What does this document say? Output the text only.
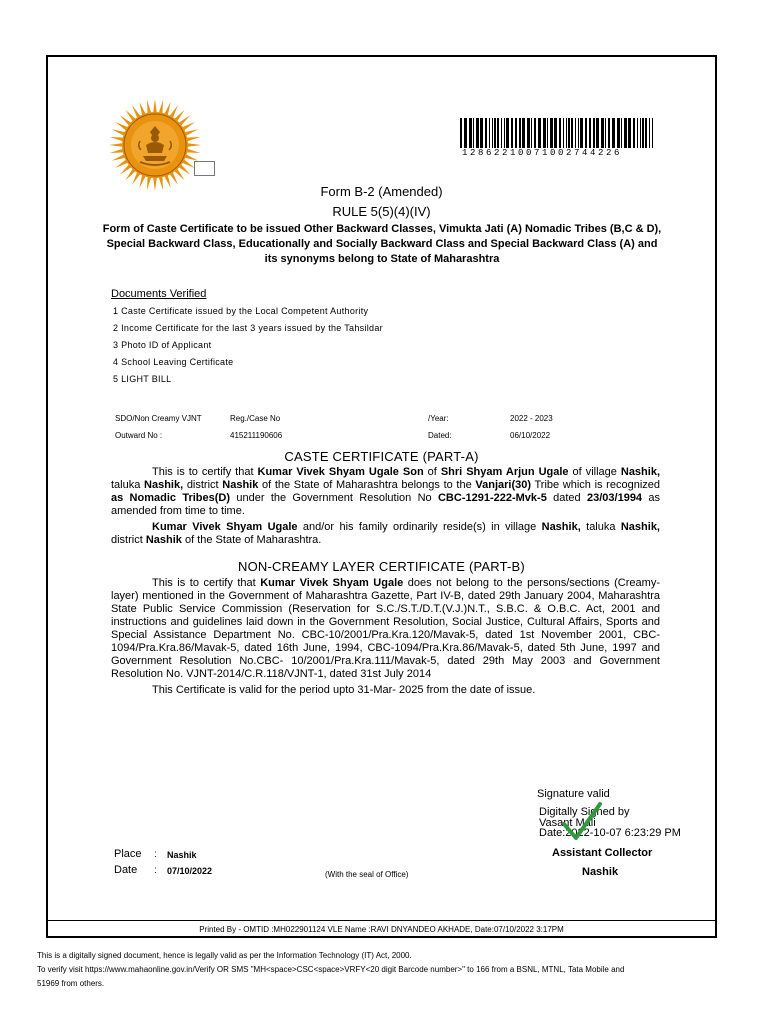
12862210071002744226
Form B-2 (Amended)
RULE 5(5)(4)(IV)
Form of Caste Certificate to be issued Other Backward Classes, Vimukta Jati (A) Nomadic Tribes (B,C & D), Special Backward Class, Educationally and Socially Backward Class and Special Backward Class (A) and its synonyms belong to State of Maharashtra
Documents Verified
1 Caste Certificate issued by the Local Competent Authority
2 Income Certificate for the last 3 years issued by the Tahsildar
3 Photo ID of Applicant
4 School Leaving Certificate
5 LIGHT BILL
SDO/Non Creamy VJNT	Reg./Case No	/Year:	2022 - 2023
Outward No :	415211190606	Dated:	06/10/2022
CASTE CERTIFICATE (PART-A)

This is to certify that Kumar Vivek Shyam Ugale Son of Shri Shyam Arjun Ugale of village Nashik, taluka Nashik, district Nashik of the State of Maharashtra belongs to the Vanjari(30) Tribe which is recognized as Nomadic Tribes(D) under the Government Resolution No CBC-1291-222-Mvk-5 dated 23/03/1994 as amended from time to time.

Kumar Vivek Shyam Ugale and/or his family ordinarily reside(s) in village Nashik, taluka Nashik, district Nashik of the State of Maharashtra.

NON-CREAMY LAYER CERTIFICATE (PART-B)

This is to certify that Kumar Vivek Shyam Ugale does not belong to the persons/sections (Creamy-layer) mentioned in the Government of Maharashtra Gazette, Part IV-B, dated 29th January 2004, Maharashtra State Public Service Commission (Reservation for S.C./S.T./D.T.(V.J.)N.T., S.B.C. & O.B.C. Act, 2001 and instructions and guidelines laid down in the Government Resolution, Social Justice, Cultural Affairs, Sports and Special Assistance Department No. CBC-10/2001/Pra.Kra.120/Mavak-5, dated 1st November 2001, CBC-1094/Pra.Kra.86/Mavak-5, dated 16th June, 1994, CBC-1094/Pra.Kra.86/Mavak-5, dated 5th June, 1997 and Government Resolution No.CBC- 10/2001/Pra.Kra.111/Mavak-5, dated 29th May 2003 and Government Resolution No. VJNT-2014/C.R.118/VJNT-1, dated 31st July 2014

This Certificate is valid for the period upto 31-Mar- 2025 from the date of issue.

Signature valid
Digitally Signed by
Vasant Mali
Date:2022-10-07 6:23:29 PM
Assistant Collector
Nashik
Place : Nashik
Date : 07/10/2022	(With the seal of Office)
Printed By - OMTID :MH022901124 VLE Name :RAVI DNYANDEO AKHADE, Date:07/10/2022 3:17PM
This is a digitally signed document, hence is legally valid as per the Information Technology (IT) Act, 2000.
To verify visit https://www.mahaonline.gov.in/Verify OR SMS "MH<space>CSC<space>VRFY<20 digit Barcode number>" to 166 from a BSNL, MTNL, Tata Mobile and
51969 from others.
